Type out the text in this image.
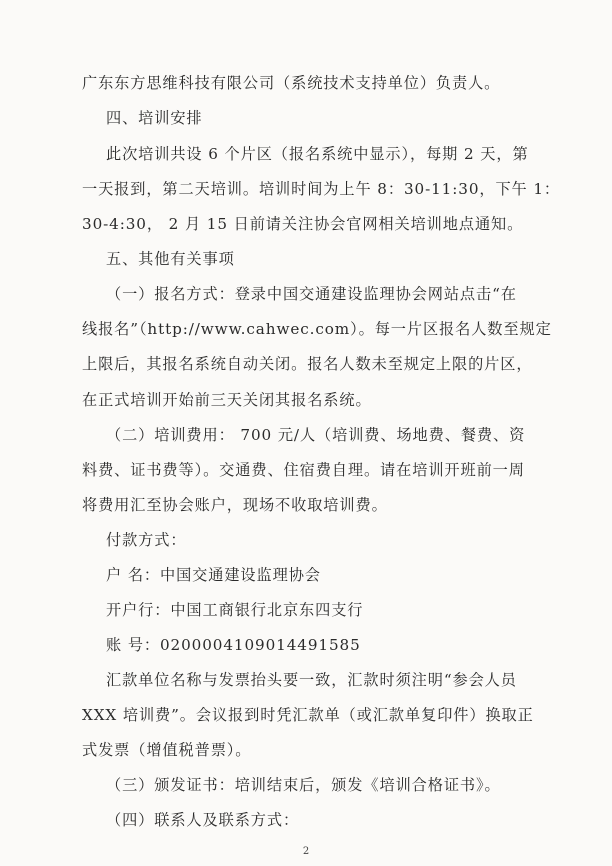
广东东方思维科技有限公司（系统技术支持单位）负责人。
四、培训安排
此次培训共设 6 个片区（报名系统中显示），每期 2 天，第
一天报到，第二天培训。培训时间为上午 8：30-11:30，下午 1：
30-4:30， 2 月 15 日前请关注协会官网相关培训地点通知。
五、其他有关事项
（一）报名方式：登录中国交通建设监理协会网站点击“在
线报名”（http://www.cahwec.com）。每一片区报名人数至规定
上限后，其报名系统自动关闭。报名人数未至规定上限的片区，
在正式培训开始前三天关闭其报名系统。
（二）培训费用： 700 元/人（培训费、场地费、餐费、资
料费、证书费等）。交通费、住宿费自理。请在培训开班前一周
将费用汇至协会账户，现场不收取培训费。
付款方式：
户 名：中国交通建设监理协会
开户行：中国工商银行北京东四支行
账 号：0200004109014491585
汇款单位名称与发票抬头要一致，汇款时须注明“参会人员
XXX 培训费”。会议报到时凭汇款单（或汇款单复印件）换取正
式发票（增值税普票）。
（三）颁发证书：培训结束后，颁发《培训合格证书》。
（四）联系人及联系方式：
2
